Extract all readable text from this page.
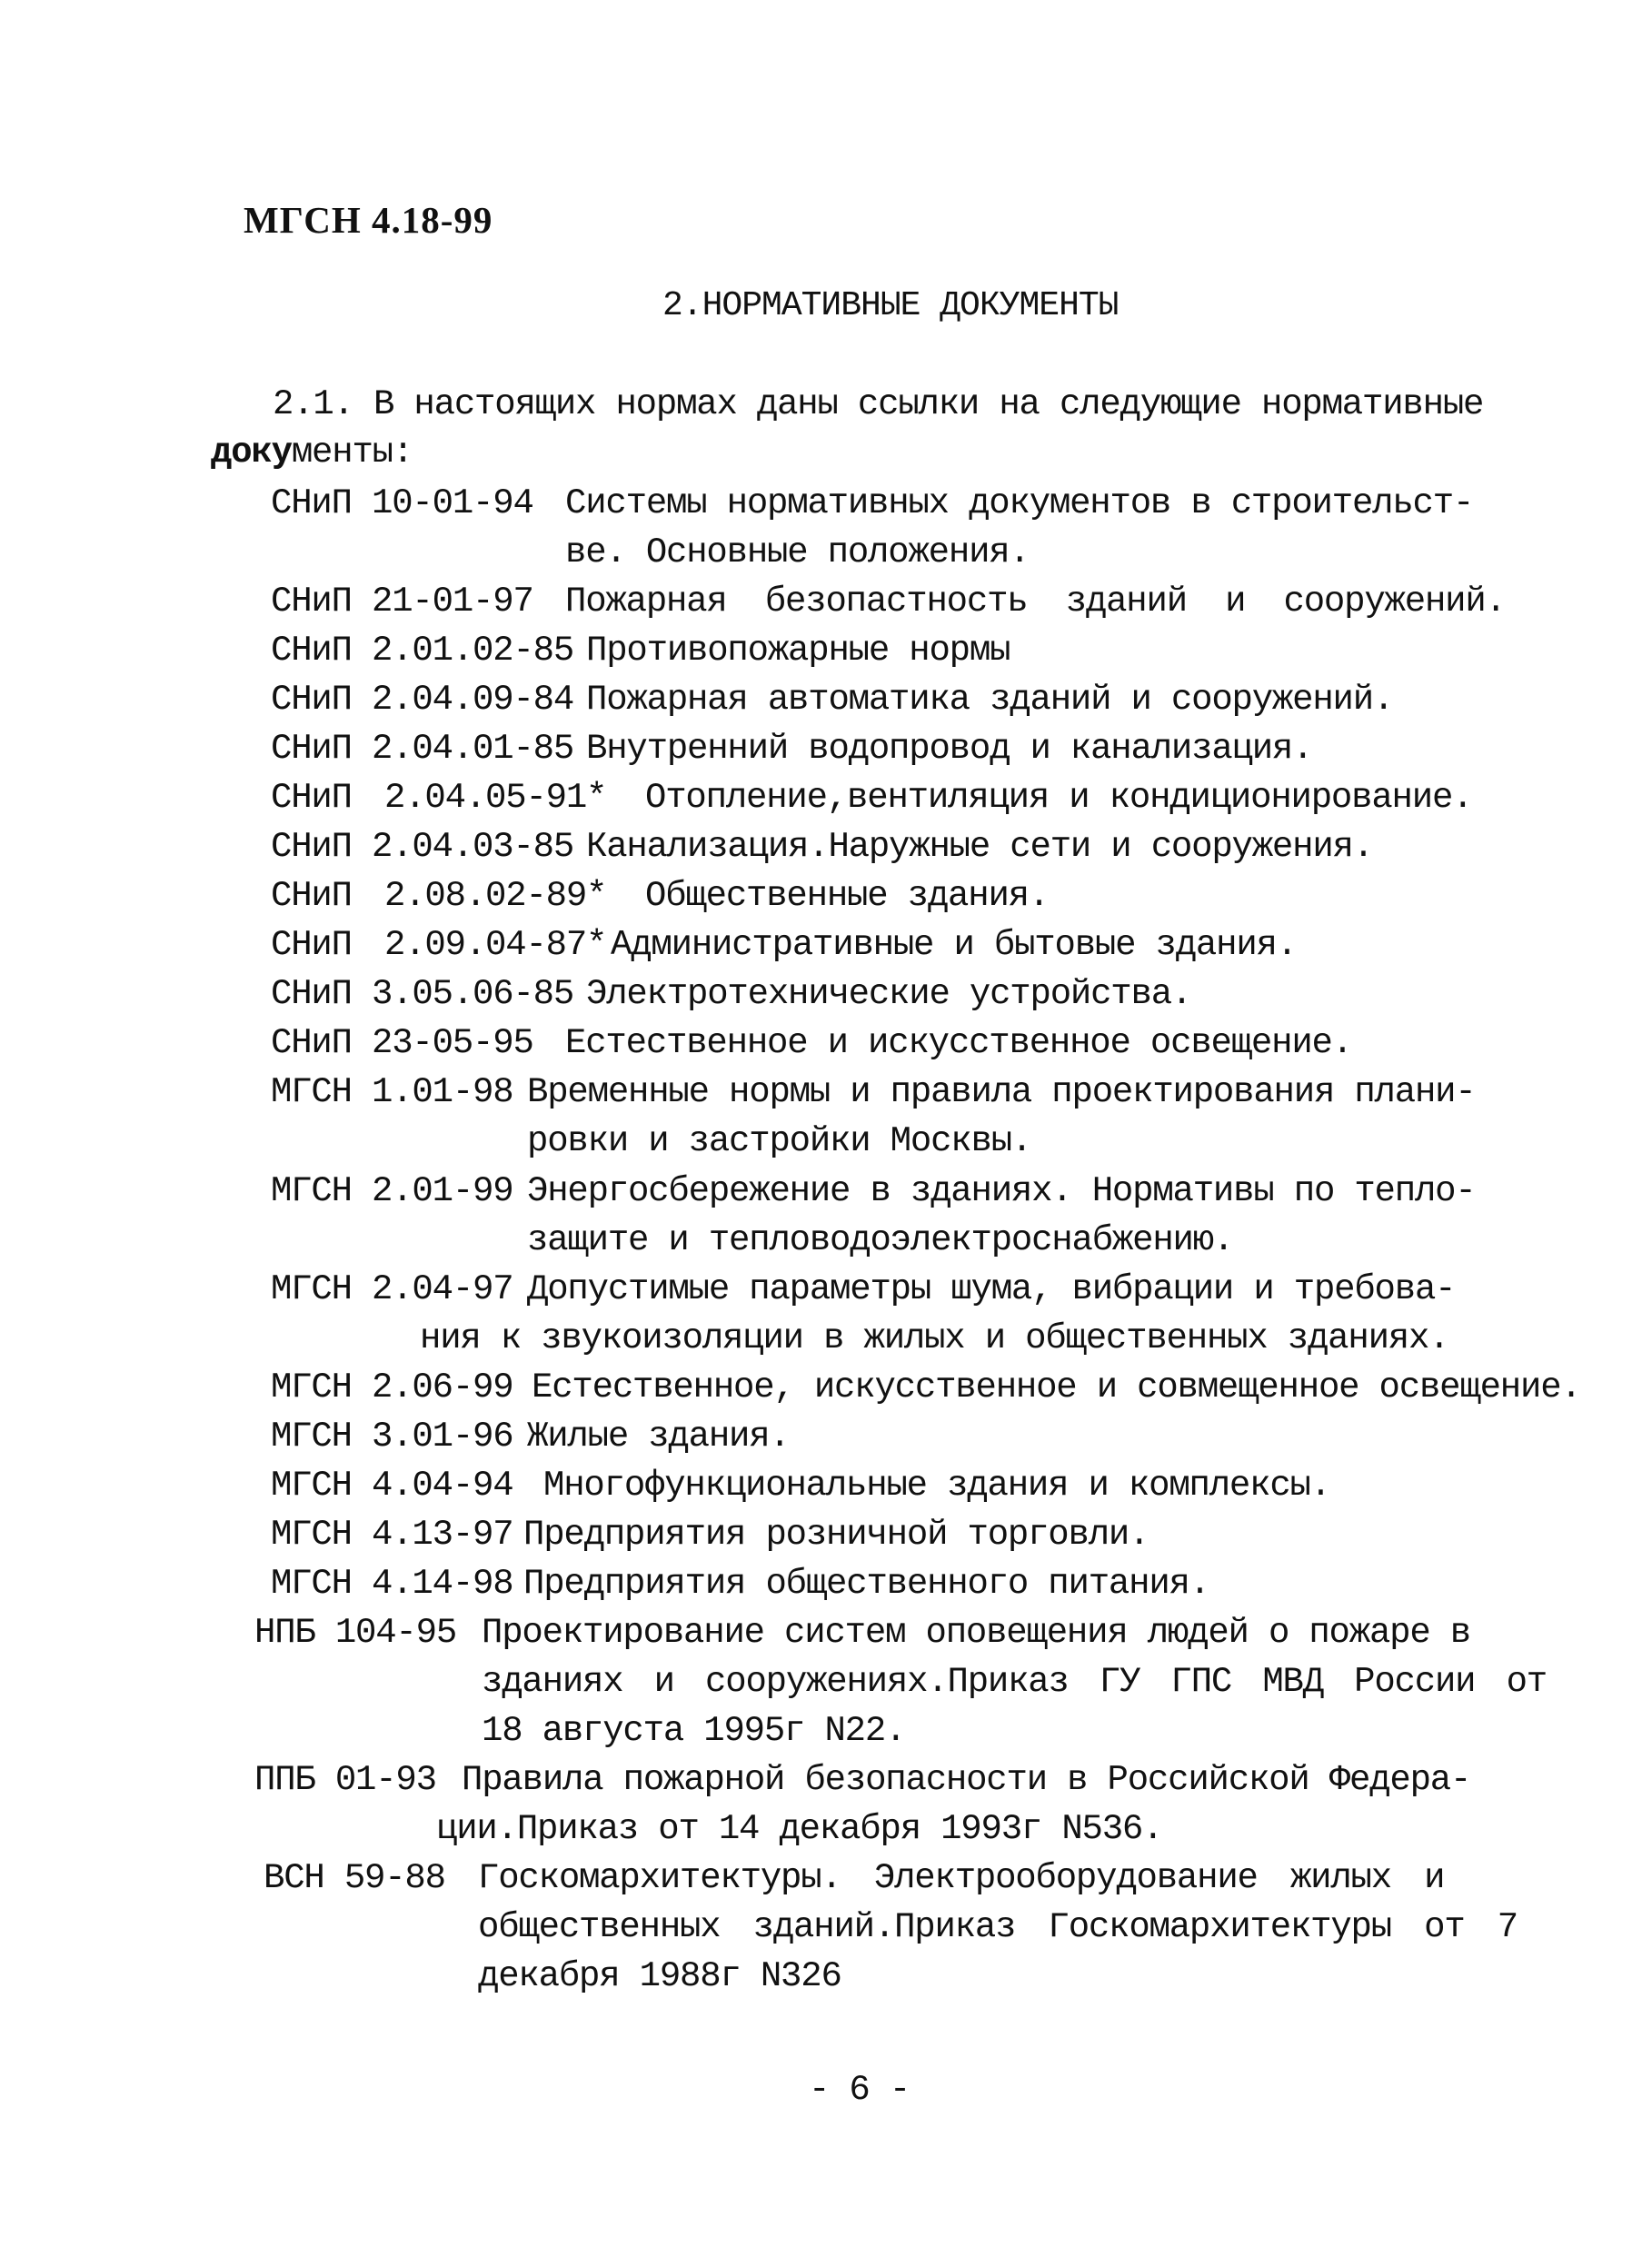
МГСН 4.18-99
2.НОРМАТИВНЫЕ ДОКУМЕНТЫ
2.1. В настоящих нормах даны ссылки на следующие нормативные
документы:
СНиП 10-01-94 Системы нормативных документов в строительст-
ве. Основные положения.
СНиП 21-01-97 Пожарная безопастность зданий и сооружений.
СНиП 2.01.02-85 Противопожарные нормы
СНиП 2.04.09-84 Пожарная автоматика зданий и сооружений.
СНиП 2.04.01-85 Внутренний водопровод и канализация.
СНиП 2.04.05-91* Отопление,вентиляция и кондиционирование.
СНиП 2.04.03-85 Канализация.Наружные сети и сооружения.
СНиП 2.08.02-89* Общественные здания.
СНиП 2.09.04-87* Административные и бытовые здания.
СНиП 3.05.06-85 Электротехнические устройства.
СНиП 23-05-95 Естественное и искусственное освещение.
МГСН 1.01-98 Временные нормы и правила проектирования плани-
ровки и застройки Москвы.
МГСН 2.01-99 Энергосбережение в зданиях. Нормативы по тепло-
защите и тепловодоэлектроснабжению.
МГСН 2.04-97 Допустимые параметры шума, вибрации и требова-
ния к звукоизоляции в жилых и общественных зданиях.
МГСН 2.06-99 Естественное, искусственное и совмещенное освещение.
МГСН 3.01-96 Жилые здания.
МГСН 4.04-94 Многофункциональные здания и комплексы.
МГСН 4.13-97 Предприятия розничной торговли.
МГСН 4.14-98 Предприятия общественного питания.
НПБ 104-95 Проектирование систем оповещения людей о пожаре в
зданиях и сооружениях.Приказ ГУ ГПС МВД России от
18 августа 1995г N22.
ППБ 01-93 Правила пожарной безопасности в Российской Федера-
ции.Приказ от 14 декабря 1993г N536.
ВСН 59-88 Госкомархитектуры. Электрооборудование жилых и
общественных зданий.Приказ Госкомархитектуры от 7
декабря 1988г N326
- 6 -
